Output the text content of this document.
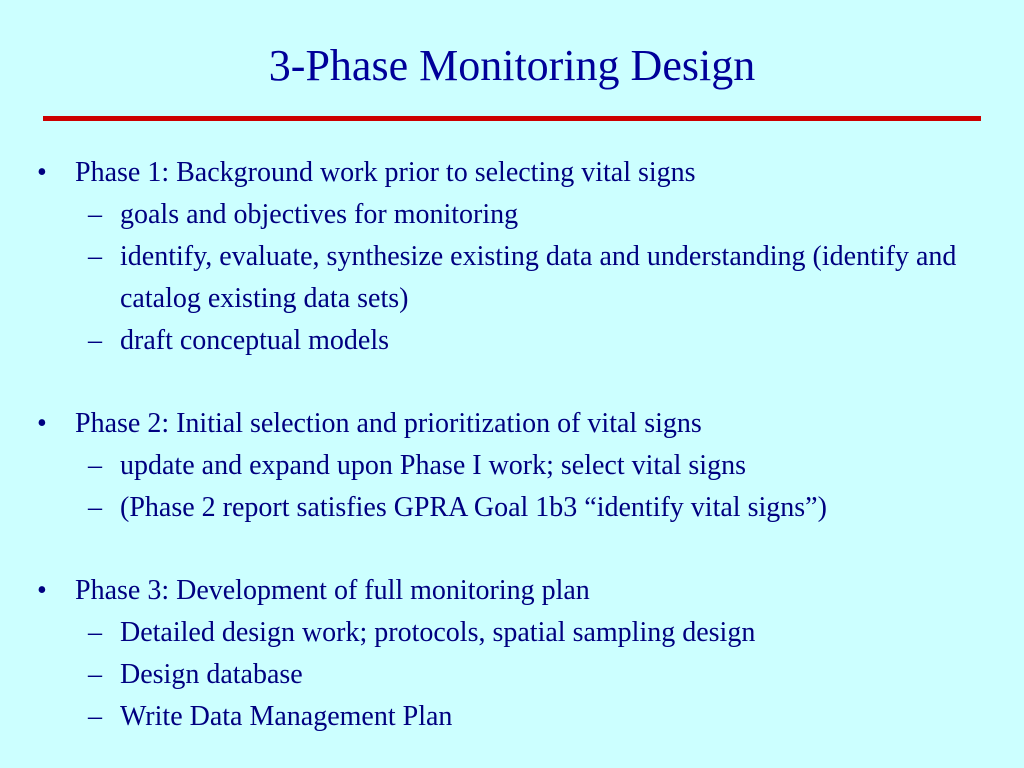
3-Phase Monitoring Design
• Phase 1: Background work prior to selecting vital signs
– goals and objectives for monitoring
– identify, evaluate, synthesize existing data and understanding (identify and catalog existing data sets)
– draft conceptual models
• Phase 2: Initial selection and prioritization of vital signs
– update and expand upon Phase I work; select vital signs
– (Phase 2 report satisfies GPRA Goal 1b3 “identify vital signs”)
• Phase 3: Development of full monitoring plan
– Detailed design work; protocols, spatial sampling design
– Design database
– Write Data Management Plan
